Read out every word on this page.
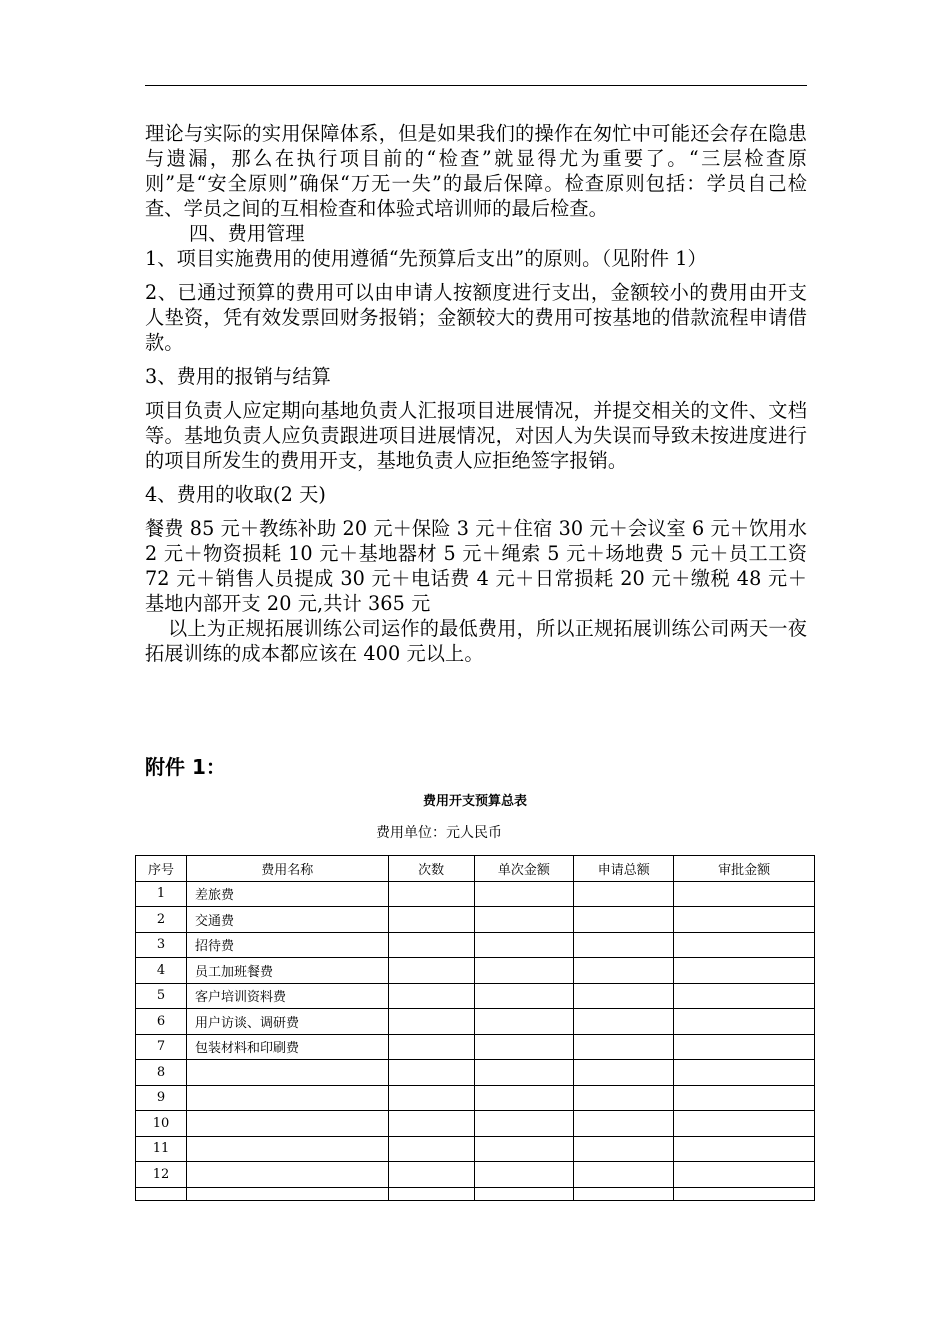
理论与实际的实用保障体系，但是如果我们的操作在匆忙中可能还会存在隐患与遗漏，那么在执行项目前的“检查”就显得尤为重要了。“三层检查原则”是“安全原则”确保“万无一失”的最后保障。检查原则包括：学员自己检查、学员之间的互相检查和体验式培训师的最后检查。

四、费用管理

1、项目实施费用的使用遵循“先预算后支出”的原则。（见附件 1）

2、已通过预算的费用可以由申请人按额度进行支出，金额较小的费用由开支人垫资，凭有效发票回财务报销；金额较大的费用可按基地的借款流程申请借款。

3、费用的报销与结算

项目负责人应定期向基地负责人汇报项目进展情况，并提交相关的文件、文档等。基地负责人应负责跟进项目进展情况，对因人为失误而导致未按进度进行的项目所发生的费用开支，基地负责人应拒绝签字报销。

4、费用的收取(2 天)

餐费 85 元＋教练补助 20 元＋保险 3 元＋住宿 30 元＋会议室 6 元＋饮用水 2 元＋物资损耗 10 元＋基地器材 5 元＋绳索 5 元＋场地费 5 元＋员工工资 72 元＋销售人员提成 30 元＋电话费 4 元＋日常损耗 20 元＋缴税 48 元＋基地内部开支 20 元,共计 365 元

以上为正规拓展训练公司运作的最低费用，所以正规拓展训练公司两天一夜拓展训练的成本都应该在 400 元以上。

附件 1：
费用开支预算总表
费用单位：元人民币
序号	费用名称	次数	单次金额	申请总额	审批金额
1	差旅费				
2	交通费				
3	招待费				
4	员工加班餐费				
5	客户培训资料费				
6	用户访谈、调研费				
7	包装材料和印刷费				
8					
9					
10					
11					
12					
